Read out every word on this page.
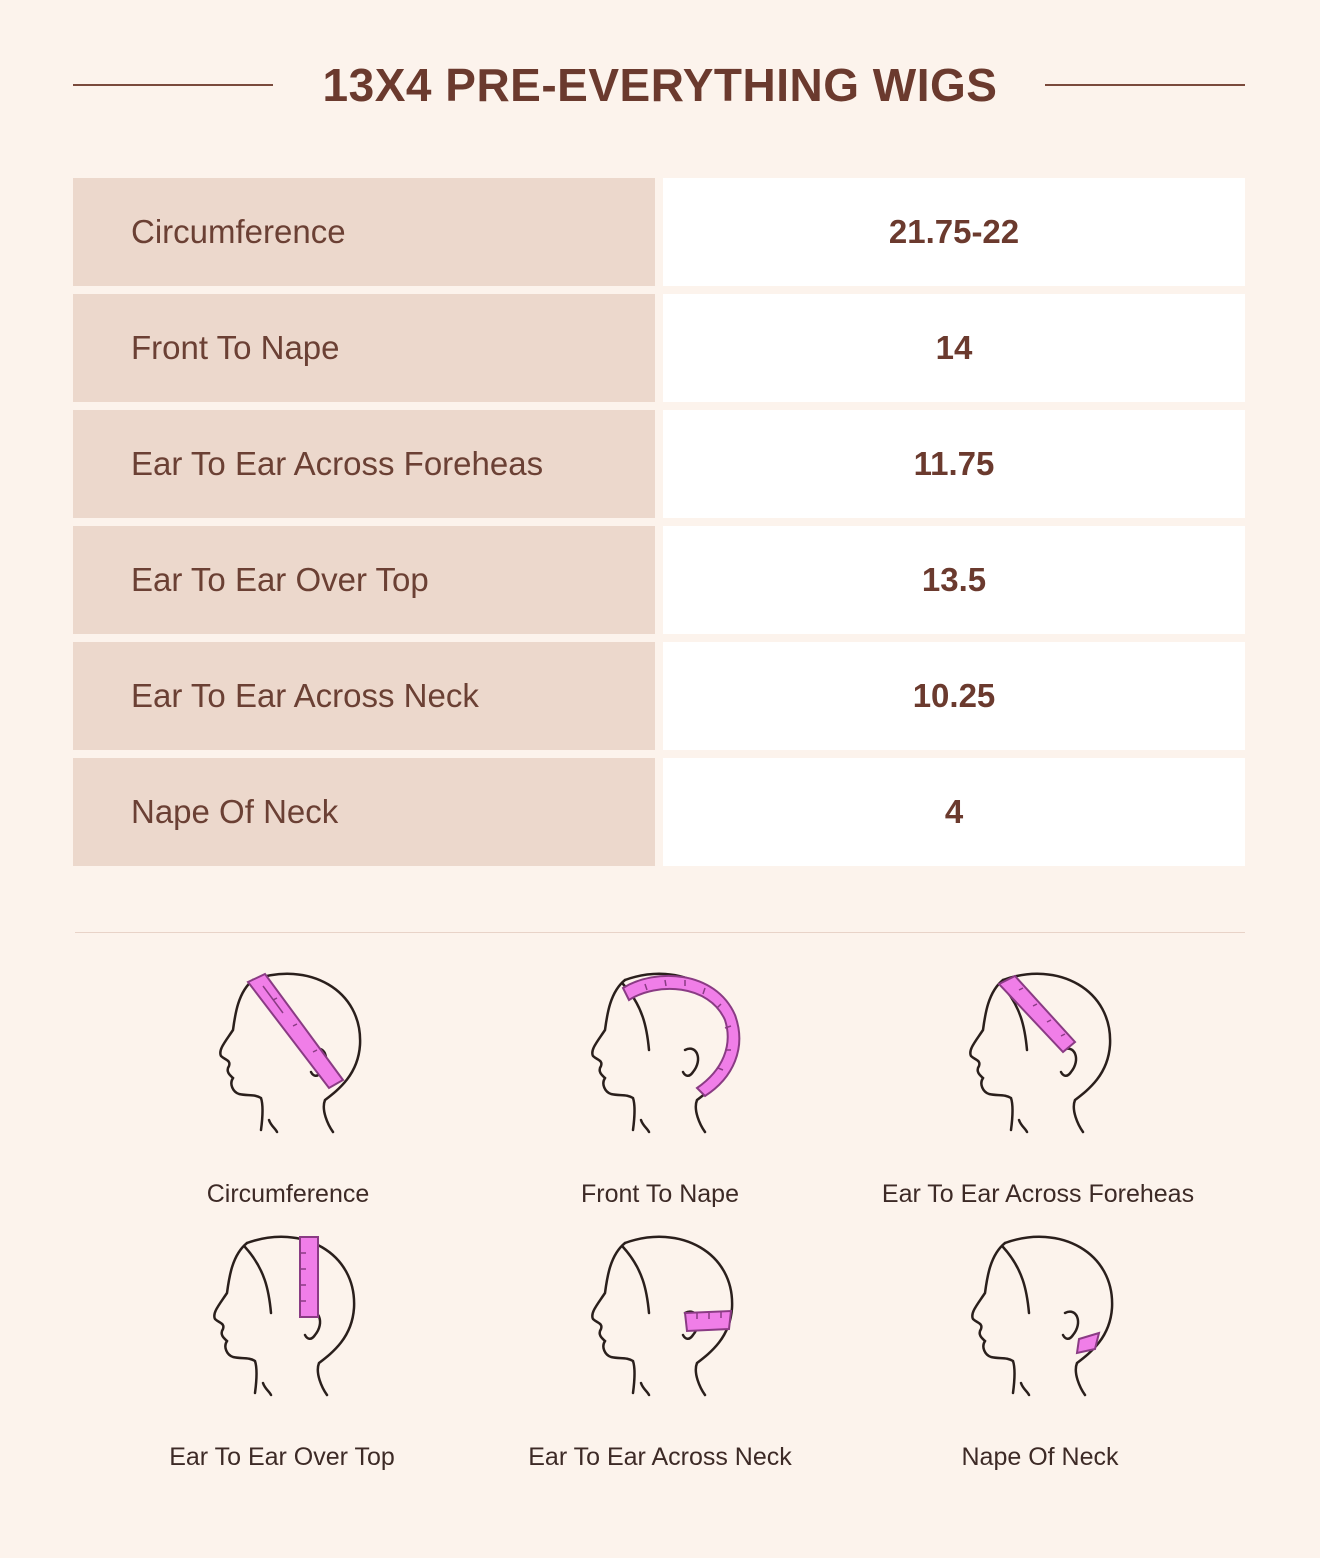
13X4 PRE-EVERYTHING WIGS
Circumference	21.75-22
Front To Nape	14
Ear To Ear Across Foreheas	11.75
Ear To Ear Over Top	13.5
Ear To Ear Across Neck	10.25
Nape Of Neck	4
Circumference	Front To Nape	Ear To Ear Across Foreheas
Ear To Ear Over Top	Ear To Ear Across Neck	Nape Of Neck
